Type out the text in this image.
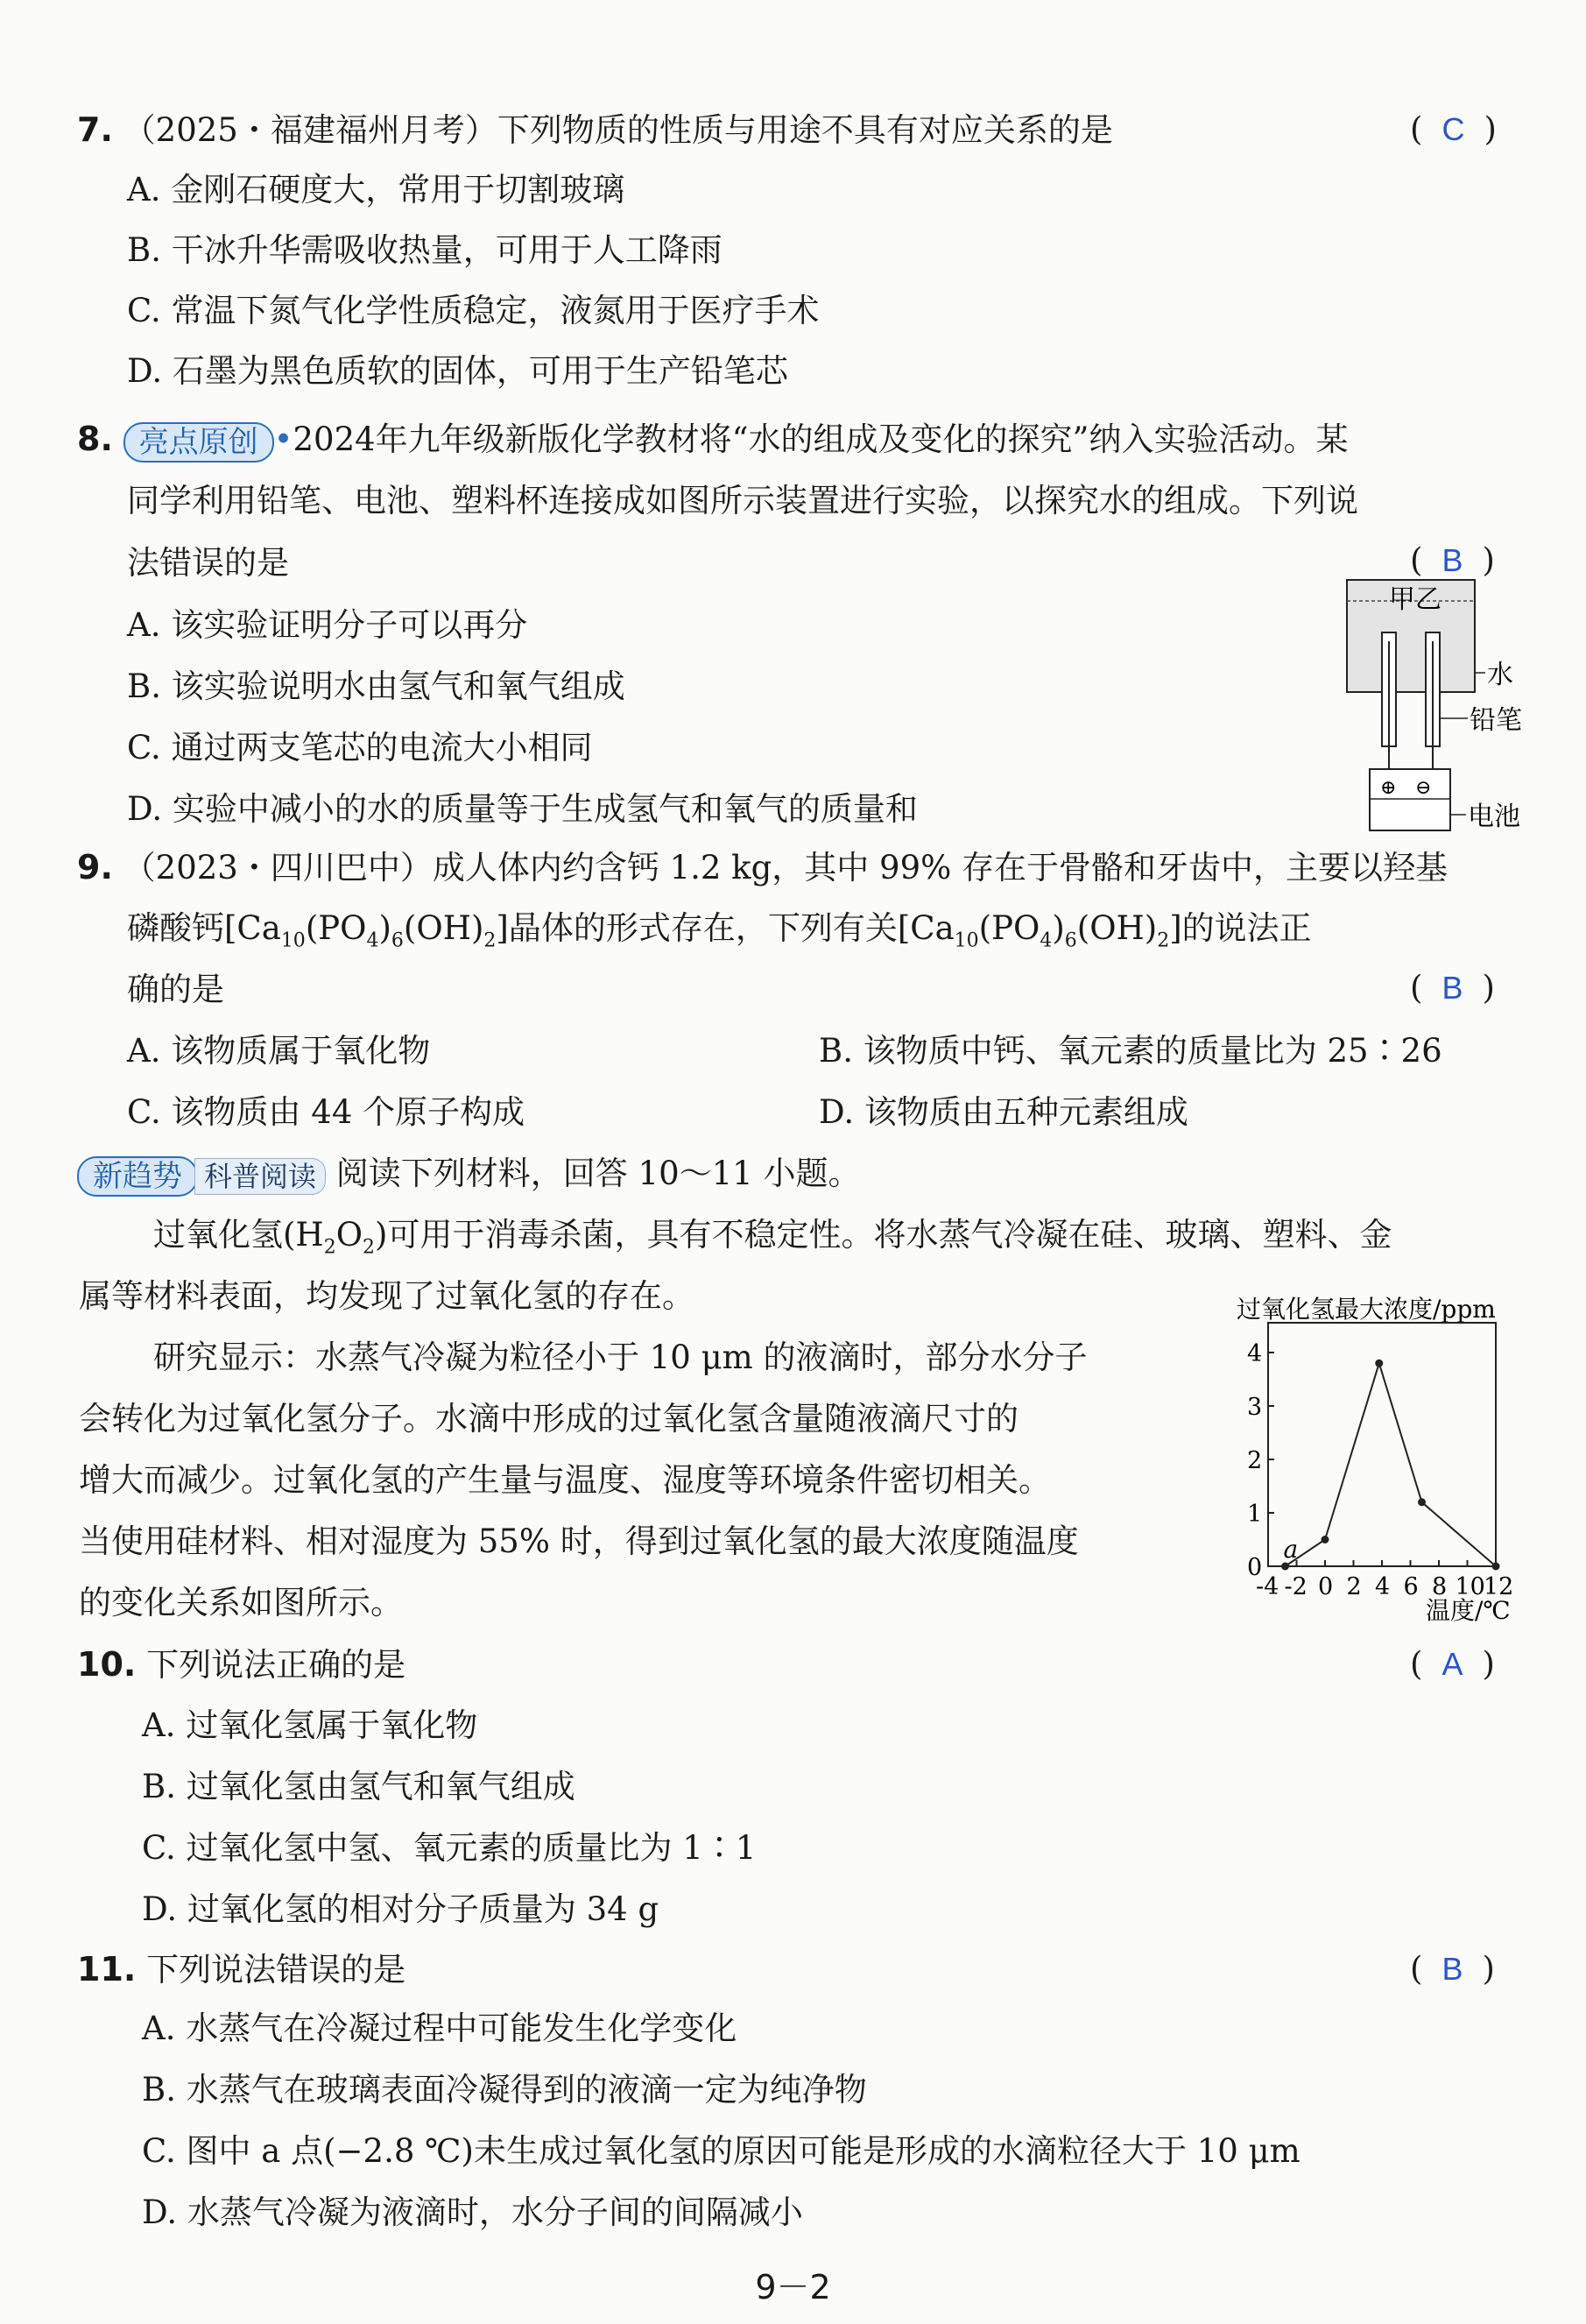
7. （2025・福建福州月考）下列物质的性质与用途不具有对应关系的是	( C )
A. 金刚石硬度大，常用于切割玻璃
B. 干冰升华需吸收热量，可用于人工降雨
C. 常温下氮气化学性质稳定，液氮用于医疗手术
D. 石墨为黑色质软的固体，可用于生产铅笔芯
8. 亮点原创 •2024年九年级新版化学教材将“水的组成及变化的探究”纳入实验活动。某
同学利用铅笔、电池、塑料杯连接成如图所示装置进行实验，以探究水的组成。下列说
法错误的是	( B )
A. 该实验证明分子可以再分
B. 该实验说明水由氢气和氧气组成
C. 通过两支笔芯的电流大小相同
D. 实验中减小的水的质量等于生成氢气和氧气的质量和
甲 乙
⊕ ⊖
水
铅笔
电池
9. （2023・四川巴中）成人体内约含钙 1.2 kg，其中 99% 存在于骨骼和牙齿中，主要以羟基
磷酸钙$[Ca_{10}(PO_4)_6(OH)_2]$晶体的形式存在，下列有关$[Ca_{10}(PO_4)_6(OH)_2]$的说法正
确的是	( B )
A. 该物质属于氧化物	B. 该物质中钙、氧元素的质量比为 25∶26
C. 该物质由 44 个原子构成	D. 该物质由五种元素组成
新趋势 科普阅读 阅读下列材料，回答 10～11 小题。
过氧化氢$(H_2O_2)$可用于消毒杀菌，具有不稳定性。将水蒸气冷凝在硅、玻璃、塑料、金
属等材料表面，均发现了过氧化氢的存在。
研究显示：水蒸气冷凝为粒径小于 10 μm 的液滴时，部分水分子
会转化为过氧化氢分子。水滴中形成的过氧化氢含量随液滴尺寸的
增大而减少。过氧化氢的产生量与温度、湿度等环境条件密切相关。
当使用硅材料、相对湿度为 55% 时，得到过氧化氢的最大浓度随温度
的变化关系如图所示。
过氧化氢最大浓度/ppm
0
1
2
3
4
-4 -2 0 2 4 6 8 10
12
a
温度/℃
10. 下列说法正确的是	( A )
A. 过氧化氢属于氧化物
B. 过氧化氢由氢气和氧气组成
C. 过氧化氢中氢、氧元素的质量比为 1∶1
D. 过氧化氢的相对分子质量为 34 g
11. 下列说法错误的是	( B )
A. 水蒸气在冷凝过程中可能发生化学变化
B. 水蒸气在玻璃表面冷凝得到的液滴一定为纯净物
C. 图中 a 点(−2.8 ℃)未生成过氧化氢的原因可能是形成的水滴粒径大于 10 μm
D. 水蒸气冷凝为液滴时，水分子间的间隔减小
9－2
